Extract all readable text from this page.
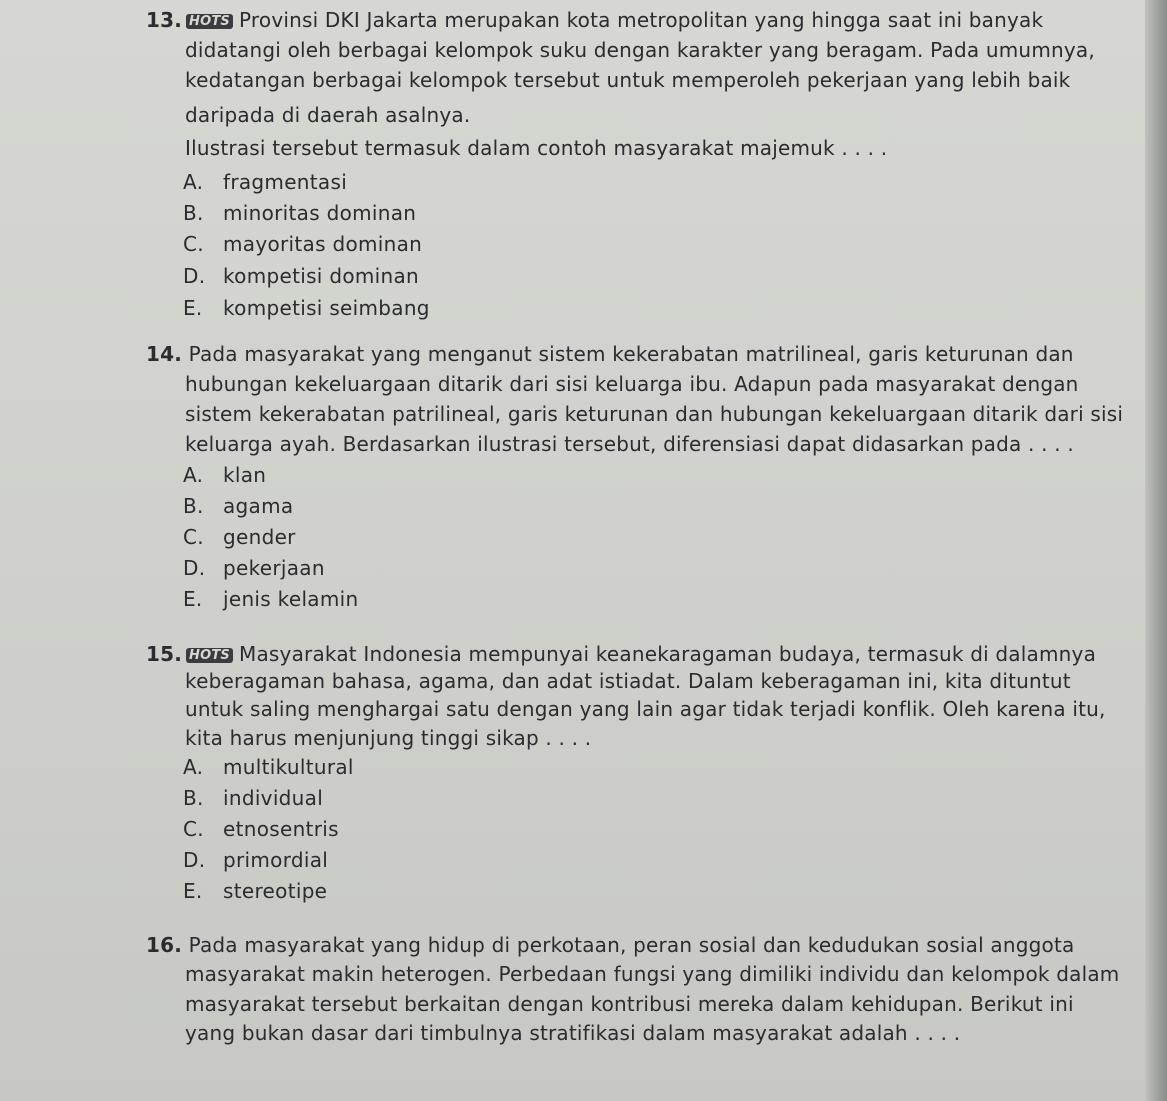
13. HOTS Provinsi DKI Jakarta merupakan kota metropolitan yang hingga saat ini banyak
didatangi oleh berbagai kelompok suku dengan karakter yang beragam. Pada umumnya,
kedatangan berbagai kelompok tersebut untuk memperoleh pekerjaan yang lebih baik
daripada di daerah asalnya.
Ilustrasi tersebut termasuk dalam contoh masyarakat majemuk . . . .
A. fragmentasi
B. minoritas dominan
C. mayoritas dominan
D. kompetisi dominan
E. kompetisi seimbang
14. Pada masyarakat yang menganut sistem kekerabatan matrilineal, garis keturunan dan
hubungan kekeluargaan ditarik dari sisi keluarga ibu. Adapun pada masyarakat dengan
sistem kekerabatan patrilineal, garis keturunan dan hubungan kekeluargaan ditarik dari sisi
keluarga ayah. Berdasarkan ilustrasi tersebut, diferensiasi dapat didasarkan pada . . . .
A. klan
B. agama
C. gender
D. pekerjaan
E. jenis kelamin
15. HOTS Masyarakat Indonesia mempunyai keanekaragaman budaya, termasuk di dalamnya
keberagaman bahasa, agama, dan adat istiadat. Dalam keberagaman ini, kita dituntut
untuk saling menghargai satu dengan yang lain agar tidak terjadi konflik. Oleh karena itu,
kita harus menjunjung tinggi sikap . . . .
A. multikultural
B. individual
C. etnosentris
D. primordial
E. stereotipe
16. Pada masyarakat yang hidup di perkotaan, peran sosial dan kedudukan sosial anggota
masyarakat makin heterogen. Perbedaan fungsi yang dimiliki individu dan kelompok dalam
masyarakat tersebut berkaitan dengan kontribusi mereka dalam kehidupan. Berikut ini
yang bukan dasar dari timbulnya stratifikasi dalam masyarakat adalah . . . .
